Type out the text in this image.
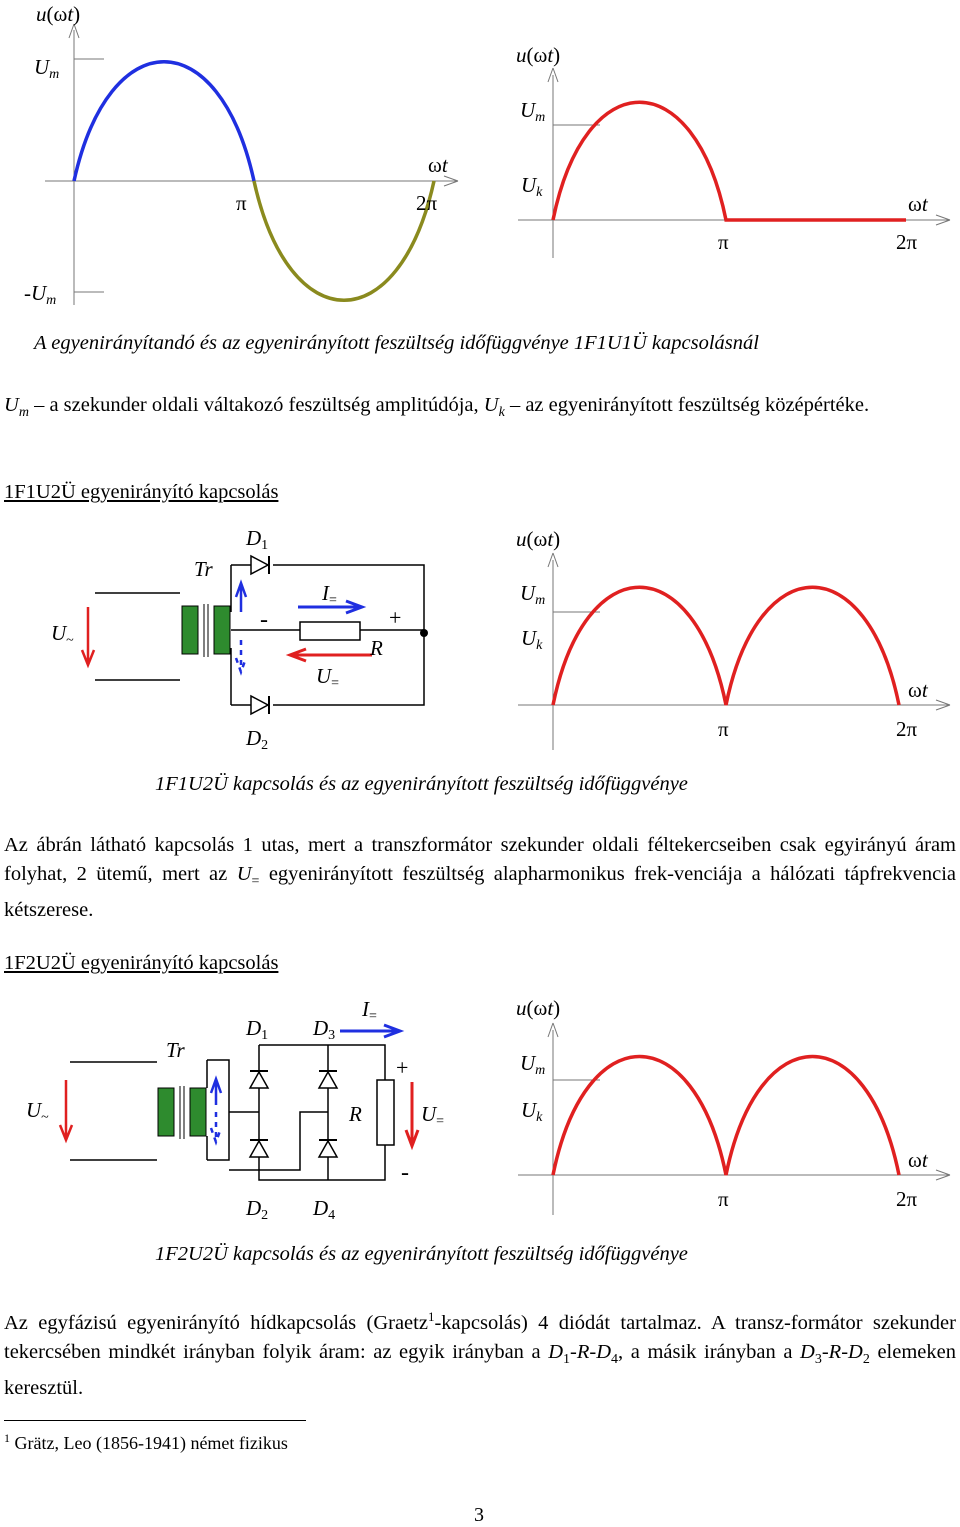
u(ωt)
Um
-Um
π	2π
ωt
u(ωt)
Um
Uk
π	2π
ωt
A egyenirányítandó és az egyenirányított feszültség időfüggvénye 1F1U1Ü kapcsolásnál

$U_m$ – a szekunder oldali váltakozó feszültség amplitúdója, $U_k$ – az egyenirányított feszültség középértéke.

1F1U2Ü egyenirányító kapcsolás
U~
Tr
D1
D2
I=
U=
R
-	+
u(ωt)
Um
Uk
π	2π
ωt
1F1U2Ü kapcsolás és az egyenirányított feszültség időfüggvénye

Az ábrán látható kapcsolás 1 utas, mert a transzformátor szekunder oldali féltekercseiben csak egyirányú áram folyhat, 2 ütemű, mert az $U_=$ egyenirányított feszültség alapharmonikus frek-venciája a hálózati tápfrekvencia kétszerese.

1F2U2Ü egyenirányító kapcsolás
U~
Tr
D1 D3
D2 D4
I=
R	U=
+
-
u(ωt)
Um
Uk
π	2π
ωt
1F2U2Ü kapcsolás és az egyenirányított feszültség időfüggvénye

Az egyfázisú egyenirányító hídkapcsolás (Graetz$^1$-kapcsolás) 4 diódát tartalmaz. A transz-formátor szekunder tekercsében mindkét irányban folyik áram: az egyik irányban a $D_1-R-D_4$, a másik irányban a $D_3-R-D_2$ elemeken keresztül.

$^1$ Grätz, Leo (1856-1941) német fizikus
3
